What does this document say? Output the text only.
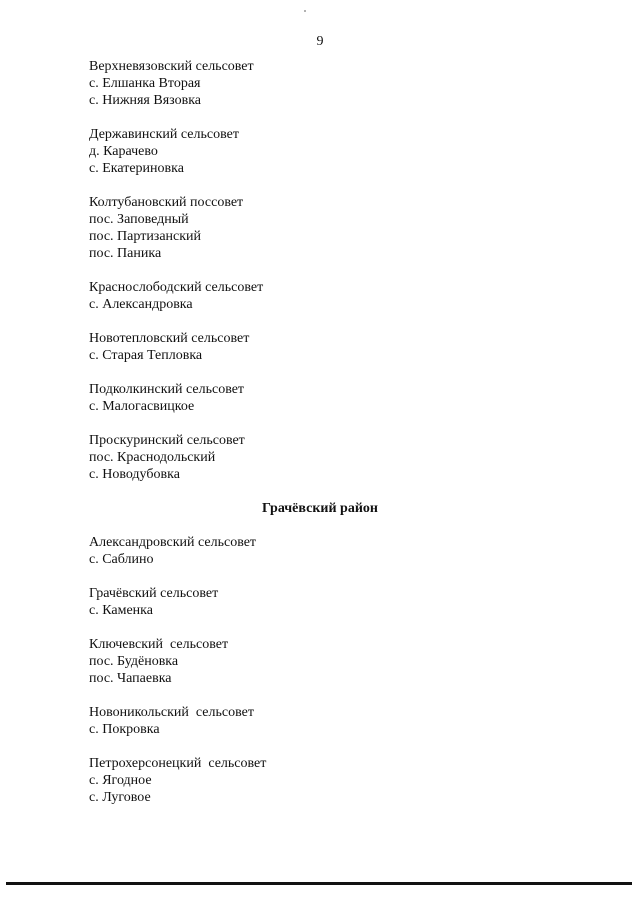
9
Верхневязовский сельсовет
с. Елшанка Вторая
с. Нижняя Вязовка
Державинский сельсовет
д. Карачево
с. Екатериновка
Колтубановский поссовет
пос. Заповедный
пос. Партизанский
пос. Паника
Краснослободский сельсовет
с. Александровка
Новотепловский сельсовет
с. Старая Тепловка
Подколкинский сельсовет
с. Малогасвицкое
Проскуринский сельсовет
пос. Краснодольский
с. Новодубовка
Грачёвский район
Александровский сельсовет
с. Саблино
Грачёвский сельсовет
с. Каменка
Ключевский  сельсовет
пос. Будёновка
пос. Чапаевка
Новоникольский  сельсовет
с. Покровка
Петрохерсонецкий  сельсовет
с. Ягодное
с. Луговое
